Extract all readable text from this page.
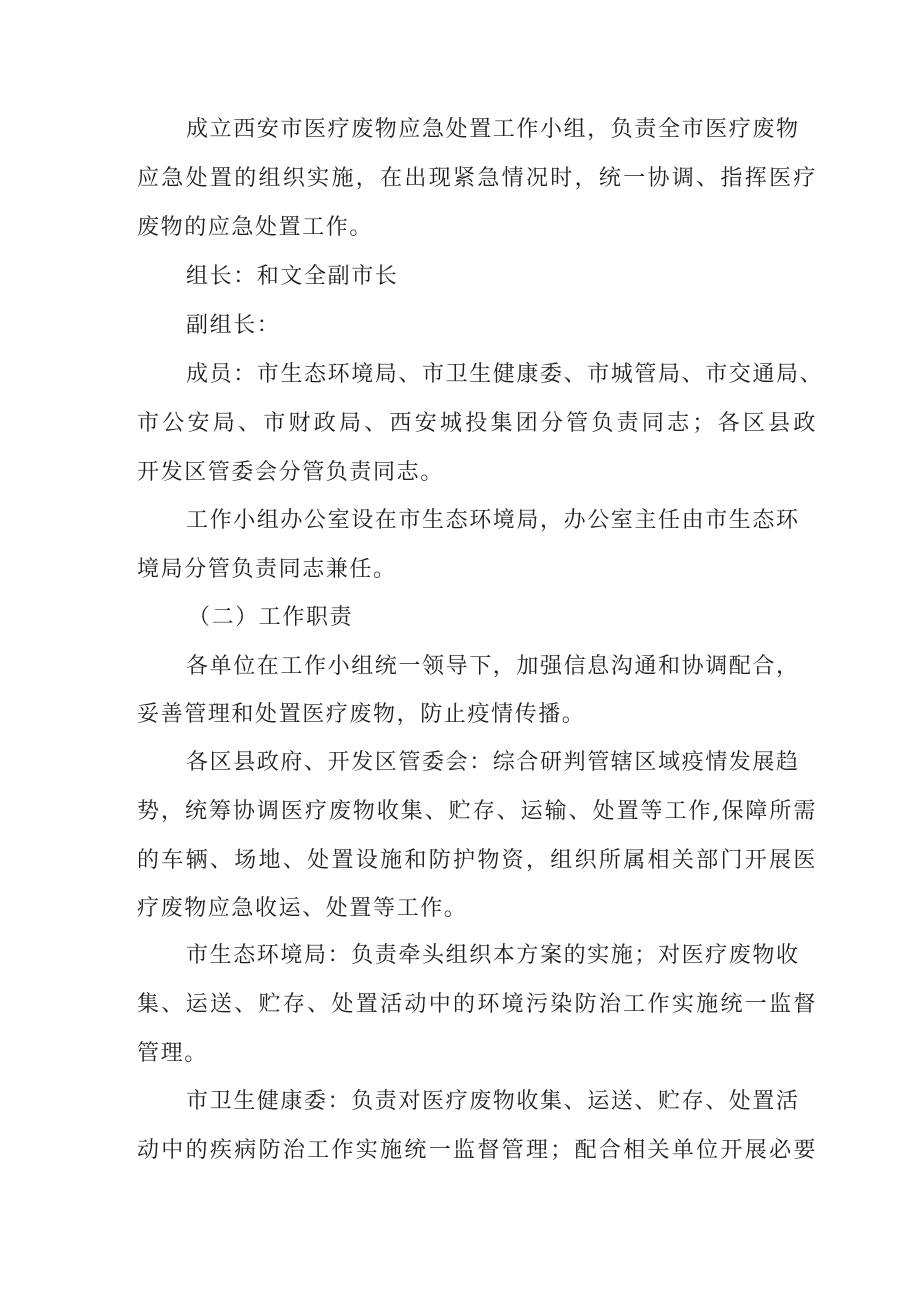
成立西安市医疗废物应急处置工作小组，负责全市医疗废物
应急处置的组织实施，在出现紧急情况时，统一协调、指挥医疗
废物的应急处置工作。
组长：和文全副市长
副组长：
成员：市生态环境局、市卫生健康委、市城管局、市交通局、
市公安局、市财政局、西安城投集团分管负责同志；各区县政
开发区管委会分管负责同志。
工作小组办公室设在市生态环境局，办公室主任由市生态环
境局分管负责同志兼任。
（二）工作职责
各单位在工作小组统一领导下，加强信息沟通和协调配合，
妥善管理和处置医疗废物，防止疫情传播。
各区县政府、开发区管委会：综合研判管辖区域疫情发展趋
势，统筹协调医疗废物收集、贮存、运输、处置等工作,保障所需
的车辆、场地、处置设施和防护物资，组织所属相关部门开展医
疗废物应急收运、处置等工作。
市生态环境局：负责牵头组织本方案的实施；对医疗废物收
集、运送、贮存、处置活动中的环境污染防治工作实施统一监督
管理。
市卫生健康委：负责对医疗废物收集、运送、贮存、处置活
动中的疾病防治工作实施统一监督管理；配合相关单位开展必要
